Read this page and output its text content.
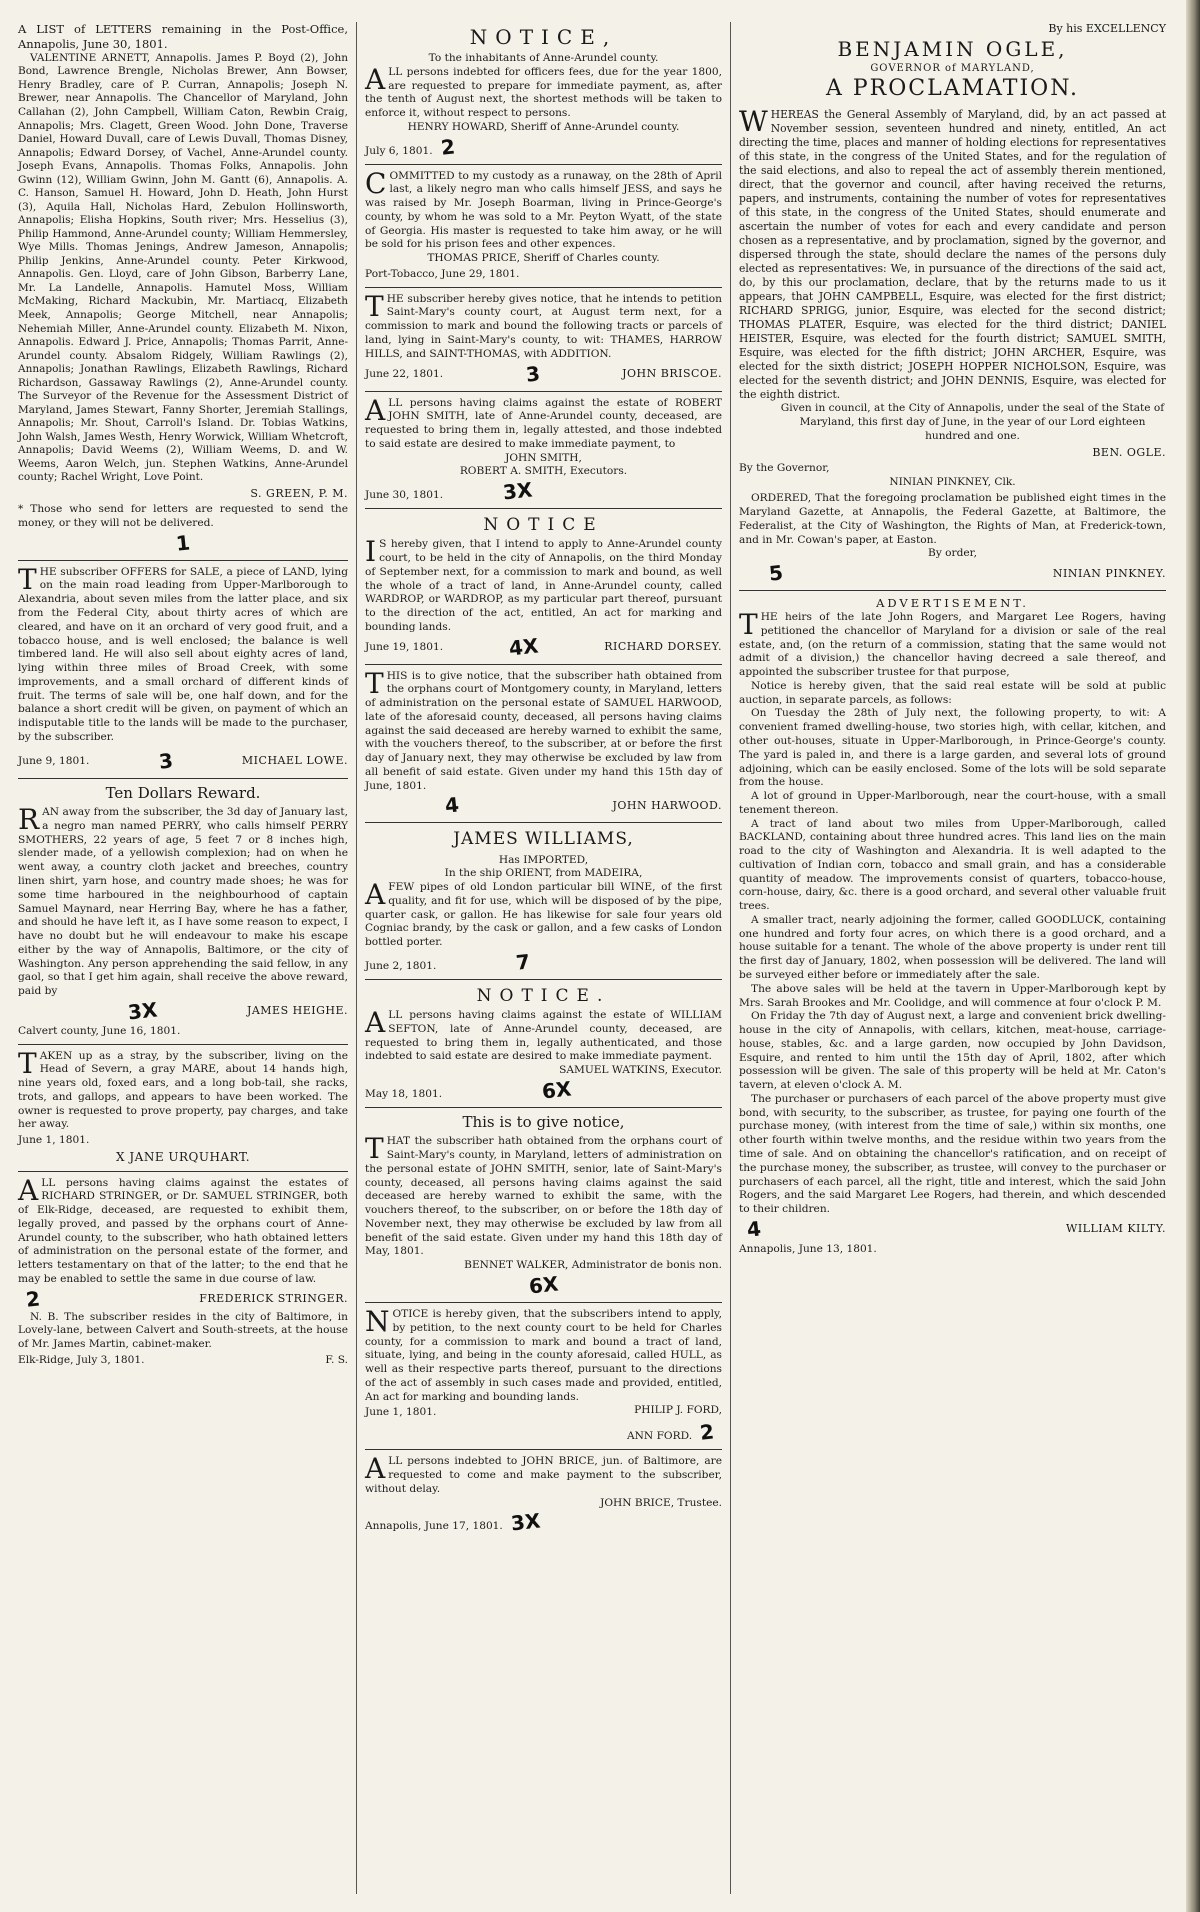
A LIST of LETTERS remaining in the Post-Office, Annapolis, June 30, 1801.

VALENTINE ARNETT, Annapolis. James P. Boyd (2), John Bond, Lawrence Brengle, Nicholas Brewer, Ann Bowser, Henry Bradley, care of P. Curran, Annapolis; Joseph N. Brewer, near Annapolis. The Chancellor of Maryland, John Callahan (2), John Campbell, William Caton, Rewbin Craig, Annapolis; Mrs. Clagett, Green Wood. John Done, Traverse Daniel, Howard Duvall, care of Lewis Duvall, Thomas Disney, Annapolis; Edward Dorsey, of Vachel, Anne-Arundel county. Joseph Evans, Annapolis. Thomas Folks, Annapolis. John Gwinn (12), William Gwinn, John M. Gantt (6), Annapolis. A. C. Hanson, Samuel H. Howard, John D. Heath, John Hurst (3), Aquila Hall, Nicholas Hard, Zebulon Hollinsworth, Annapolis; Elisha Hopkins, South river; Mrs. Hesselius (3), Philip Hammond, Anne-Arundel county; William Hemmersley, Wye Mills. Thomas Jenings, Andrew Jameson, Annapolis; Philip Jenkins, Anne-Arundel county. Peter Kirkwood, Annapolis. Gen. Lloyd, care of John Gibson, Barberry Lane, Mr. La Landelle, Annapolis. Hamutel Moss, William McMaking, Richard Mackubin, Mr. Martiacq, Elizabeth Meek, Annapolis; George Mitchell, near Annapolis; Nehemiah Miller, Anne-Arundel county. Elizabeth M. Nixon, Annapolis. Edward J. Price, Annapolis; Thomas Parrit, Anne-Arundel county. Absalom Ridgely, William Rawlings (2), Annapolis; Jonathan Rawlings, Elizabeth Rawlings, Richard Richardson, Gassaway Rawlings (2), Anne-Arundel county. The Surveyor of the Revenue for the Assessment District of Maryland, James Stewart, Fanny Shorter, Jeremiah Stallings, Annapolis; Mr. Shout, Carroll's Island. Dr. Tobias Watkins, John Walsh, James Westh, Henry Worwick, William Whetcroft, Annapolis; David Weems (2), William Weems, D. and W. Weems, Aaron Welch, jun. Stephen Watkins, Anne-Arundel county; Rachel Wright, Love Point.

S. GREEN, P. M.

* Those who send for letters are requested to send the money, or they will not be delivered.

1

THE subscriber OFFERS for SALE, a piece of LAND, lying on the main road leading from Upper-Marlborough to Alexandria, about seven miles from the latter place, and six from the Federal City, about thirty acres of which are cleared, and have on it an orchard of very good fruit, and a tobacco house, and is well enclosed; the balance is well timbered land. He will also sell about eighty acres of land, lying within three miles of Broad Creek, with some improvements, and a small orchard of different kinds of fruit. The terms of sale will be, one half down, and for the balance a short credit will be given, on payment of which an indisputable title to the lands will be made to the purchaser, by the subscriber.

June 9, 1801.	3	MICHAEL LOWE.

Ten Dollars Reward.

RAN away from the subscriber, the 3d day of January last, a negro man named PERRY, who calls himself PERRY SMOTHERS, 22 years of age, 5 feet 7 or 8 inches high, slender made, of a yellowish complexion; had on when he went away, a country cloth jacket and breeches, country linen shirt, yarn hose, and country made shoes; he was for some time harboured in the neighbourhood of captain Samuel Maynard, near Herring Bay, where he has a father, and should he have left it, as I have some reason to expect, I have no doubt but he will endeavour to make his escape either by the way of Annapolis, Baltimore, or the city of Washington. Any person apprehending the said fellow, in any gaol, so that I get him again, shall receive the above reward, paid by

3X	JAMES HEIGHE.

Calvert county, June 16, 1801.

TAKEN up as a stray, by the subscriber, living on the Head of Severn, a gray MARE, about 14 hands high, nine years old, foxed ears, and a long bob-tail, she racks, trots, and gallops, and appears to have been worked. The owner is requested to prove property, pay charges, and take her away.

June 1, 1801.

X JANE URQUHART.

ALL persons having claims against the estates of RICHARD STRINGER, or Dr. SAMUEL STRINGER, both of Elk-Ridge, deceased, are requested to exhibit them, legally proved, and passed by the orphans court of Anne-Arundel county, to the subscriber, who hath obtained letters of administration on the personal estate of the former, and letters testamentary on that of the latter; to the end that he may be enabled to settle the same in due course of law.

2	FREDERICK STRINGER.

N. B. The subscriber resides in the city of Baltimore, in Lovely-lane, between Calvert and South-streets, at the house of Mr. James Martin, cabinet-maker.

Elk-Ridge, July 3, 1801.	F. S.

NOTICE,

To the inhabitants of Anne-Arundel county.

ALL persons indebted for officers fees, due for the year 1800, are requested to prepare for immediate payment, as, after the tenth of August next, the shortest methods will be taken to enforce it, without respect to persons.

HENRY HOWARD, Sheriff of Anne-Arundel county.

July 6, 1801. 2

COMMITTED to my custody as a runaway, on the 28th of April last, a likely negro man who calls himself JESS, and says he was raised by Mr. Joseph Boarman, living in Prince-George's county, by whom he was sold to a Mr. Peyton Wyatt, of the state of Georgia. His master is requested to take him away, or he will be sold for his prison fees and other expences.

THOMAS PRICE, Sheriff of Charles county.

Port-Tobacco, June 29, 1801.

THE subscriber hereby gives notice, that he intends to petition Saint-Mary's county court, at August term next, for a commission to mark and bound the following tracts or parcels of land, lying in Saint-Mary's county, to wit: THAMES, HARROW HILLS, and SAINT-THOMAS, with ADDITION.

June 22, 1801.	3	JOHN BRISCOE.

ALL persons having claims against the estate of ROBERT JOHN SMITH, late of Anne-Arundel county, deceased, are requested to bring them in, legally attested, and those indebted to said estate are desired to make immediate payment, to

JOHN SMITH,

ROBERT A. SMITH, Executors.

June 30, 1801.	3X

NOTICE

IS hereby given, that I intend to apply to Anne-Arundel county court, to be held in the city of Annapolis, on the third Monday of September next, for a commission to mark and bound, as well the whole of a tract of land, in Anne-Arundel county, called WARDROP, or WARDROP, as my particular part thereof, pursuant to the direction of the act, entitled, An act for marking and bounding lands.

June 19, 1801.	4X	RICHARD DORSEY.

THIS is to give notice, that the subscriber hath obtained from the orphans court of Montgomery county, in Maryland, letters of administration on the personal estate of SAMUEL HARWOOD, late of the aforesaid county, deceased, all persons having claims against the said deceased are hereby warned to exhibit the same, with the vouchers thereof, to the subscriber, at or before the first day of January next, they may otherwise be excluded by law from all benefit of said estate. Given under my hand this 15th day of June, 1801.

4	JOHN HARWOOD.

JAMES WILLIAMS,

Has IMPORTED,

In the ship ORIENT, from MADEIRA,

AFEW pipes of old London particular bill WINE, of the first quality, and fit for use, which will be disposed of by the pipe, quarter cask, or gallon. He has likewise for sale four years old Cogniac brandy, by the cask or gallon, and a few casks of London bottled porter.

June 2, 1801.	7

NOTICE.

ALL persons having claims against the estate of WILLIAM SEFTON, late of Anne-Arundel county, deceased, are requested to bring them in, legally authenticated, and those indebted to said estate are desired to make immediate payment.

SAMUEL WATKINS, Executor.

May 18, 1801.	6X

This is to give notice,

THAT the subscriber hath obtained from the orphans court of Saint-Mary's county, in Maryland, letters of administration on the personal estate of JOHN SMITH, senior, late of Saint-Mary's county, deceased, all persons having claims against the said deceased are hereby warned to exhibit the same, with the vouchers thereof, to the subscriber, on or before the 18th day of November next, they may otherwise be excluded by law from all benefit of the said estate. Given under my hand this 18th day of May, 1801.

BENNET WALKER, Administrator de bonis non.

6X

NOTICE is hereby given, that the subscribers intend to apply, by petition, to the next county court to be held for Charles county, for a commission to mark and bound a tract of land, situate, lying, and being in the county aforesaid, called HULL, as well as their respective parts thereof, pursuant to the directions of the act of assembly in such cases made and provided, entitled, An act for marking and bounding lands.

June 1, 1801.	PHILIP J. FORD,
ANN FORD. 2

ALL persons indebted to JOHN BRICE, jun. of Baltimore, are requested to come and make payment to the subscriber, without delay.

JOHN BRICE, Trustee.

Annapolis, June 17, 1801. 3X

By his EXCELLENCY

BENJAMIN OGLE,

GOVERNOR of MARYLAND,

A PROCLAMATION.

WHEREAS the General Assembly of Maryland, did, by an act passed at November session, seventeen hundred and ninety, entitled, An act directing the time, places and manner of holding elections for representatives of this state, in the congress of the United States, and for the regulation of the said elections, and also to repeal the act of assembly therein mentioned, direct, that the governor and council, after having received the returns, papers, and instruments, containing the number of votes for representatives of this state, in the congress of the United States, should enumerate and ascertain the number of votes for each and every candidate and person chosen as a representative, and by proclamation, signed by the governor, and dispersed through the state, should declare the names of the persons duly elected as representatives: We, in pursuance of the directions of the said act, do, by this our proclamation, declare, that by the returns made to us it appears, that JOHN CAMPBELL, Esquire, was elected for the first district; RICHARD SPRIGG, junior, Esquire, was elected for the second district; THOMAS PLATER, Esquire, was elected for the third district; DANIEL HEISTER, Esquire, was elected for the fourth district; SAMUEL SMITH, Esquire, was elected for the fifth district; JOHN ARCHER, Esquire, was elected for the sixth district; JOSEPH HOPPER NICHOLSON, Esquire, was elected for the seventh district; and JOHN DENNIS, Esquire, was elected for the eighth district.

Given in council, at the City of Annapolis, under the seal of the State of Maryland, this first day of June, in the year of our Lord eighteen hundred and one.

BEN. OGLE.

By the Governor,

NINIAN PINKNEY, Clk.

ORDERED, That the foregoing proclamation be published eight times in the Maryland Gazette, at Annapolis, the Federal Gazette, at Baltimore, the Federalist, at the City of Washington, the Rights of Man, at Frederick-town, and in Mr. Cowan's paper, at Easton.

By order,

5	NINIAN PINKNEY.

ADVERTISEMENT.

THE heirs of the late John Rogers, and Margaret Lee Rogers, having petitioned the chancellor of Maryland for a division or sale of the real estate, and, (on the return of a commission, stating that the same would not admit of a division,) the chancellor having decreed a sale thereof, and appointed the subscriber trustee for that purpose,

Notice is hereby given, that the said real estate will be sold at public auction, in separate parcels, as follows:

On Tuesday the 28th of July next, the following property, to wit: A convenient framed dwelling-house, two stories high, with cellar, kitchen, and other out-houses, situate in Upper-Marlborough, in Prince-George's county. The yard is paled in, and there is a large garden, and several lots of ground adjoining, which can be easily enclosed. Some of the lots will be sold separate from the house.

A lot of ground in Upper-Marlborough, near the court-house, with a small tenement thereon.

A tract of land about two miles from Upper-Marlborough, called BACKLAND, containing about three hundred acres. This land lies on the main road to the city of Washington and Alexandria. It is well adapted to the cultivation of Indian corn, tobacco and small grain, and has a considerable quantity of meadow. The improvements consist of quarters, tobacco-house, corn-house, dairy, &c. there is a good orchard, and several other valuable fruit trees.

A smaller tract, nearly adjoining the former, called GOODLUCK, containing one hundred and forty four acres, on which there is a good orchard, and a house suitable for a tenant. The whole of the above property is under rent till the first day of January, 1802, when possession will be delivered. The land will be surveyed either before or immediately after the sale.

The above sales will be held at the tavern in Upper-Marlborough kept by Mrs. Sarah Brookes and Mr. Coolidge, and will commence at four o'clock P. M.

On Friday the 7th day of August next, a large and convenient brick dwelling-house in the city of Annapolis, with cellars, kitchen, meat-house, carriage-house, stables, &c. and a large garden, now occupied by John Davidson, Esquire, and rented to him until the 15th day of April, 1802, after which possession will be given. The sale of this property will be held at Mr. Caton's tavern, at eleven o'clock A. M.

The purchaser or purchasers of each parcel of the above property must give bond, with security, to the subscriber, as trustee, for paying one fourth of the purchase money, (with interest from the time of sale,) within six months, one other fourth within twelve months, and the residue within two years from the time of sale. And on obtaining the chancellor's ratification, and on receipt of the purchase money, the subscriber, as trustee, will convey to the purchaser or purchasers of each parcel, all the right, title and interest, which the said John Rogers, and the said Margaret Lee Rogers, had therein, and which descended to their children.

4	WILLIAM KILTY.

Annapolis, June 13, 1801.
